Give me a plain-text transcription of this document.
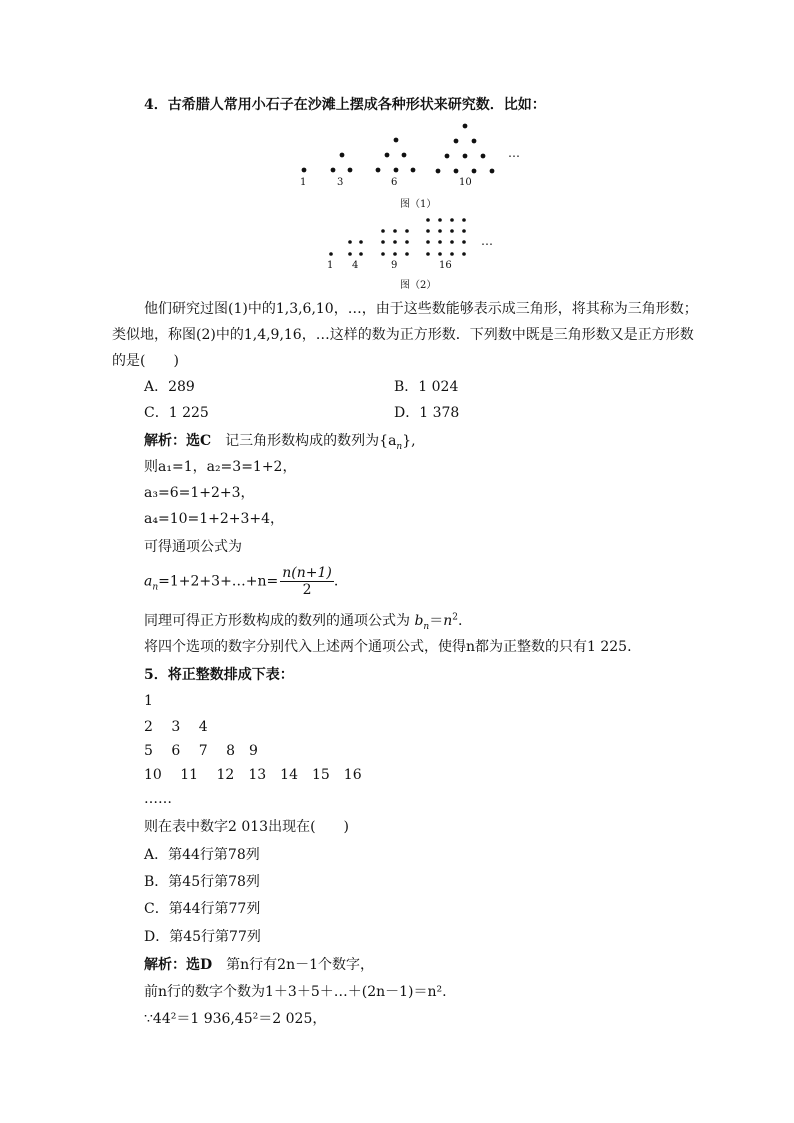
4．古希腊人常用小石子在沙滩上摆成各种形状来研究数．比如：
1	3	6	10
…
图（1）
1 4	9	16
…
图（2）
他们研究过图(1)中的1,3,6,10，…，由于这些数能够表示成三角形，将其称为三角形数；
类似地，称图(2)中的1,4,9,16，…这样的数为正方形数．下列数中既是三角形数又是正方形数
的是(　　)
A．289	B．1 024
C．1 225	D．1 378
解析：选C　 记三角形数构成的数列为$\{a_n\}$,
则a₁=1，a₂=3=1+2，
a₃=6=1+2+3，
a₄=10=1+2+3+4，
可得通项公式为
$a_n=1+2+3+\dots+n= \frac{n(n+1)}{2}$ .
同理可得正方形数构成的数列的通项公式为 $b_n=n^2$.
将四个选项的数字分别代入上述两个通项公式，使得n都为正整数的只有1 225.
5．将正整数排成下表：
1
2　 3　 4
5　 6　 7　 8　9
10　 11　 12　13　14　15　16
……
则在表中数字2 013出现在(　　)
A．第44行第78列
B．第45行第78列
C．第44行第77列
D．第45行第77列
解析：选D　 第n行有2n－1个数字，
前n行的数字个数为1＋3＋5＋…＋(2n－1)＝n².
∵44²＝1 936,45²＝2 025，
